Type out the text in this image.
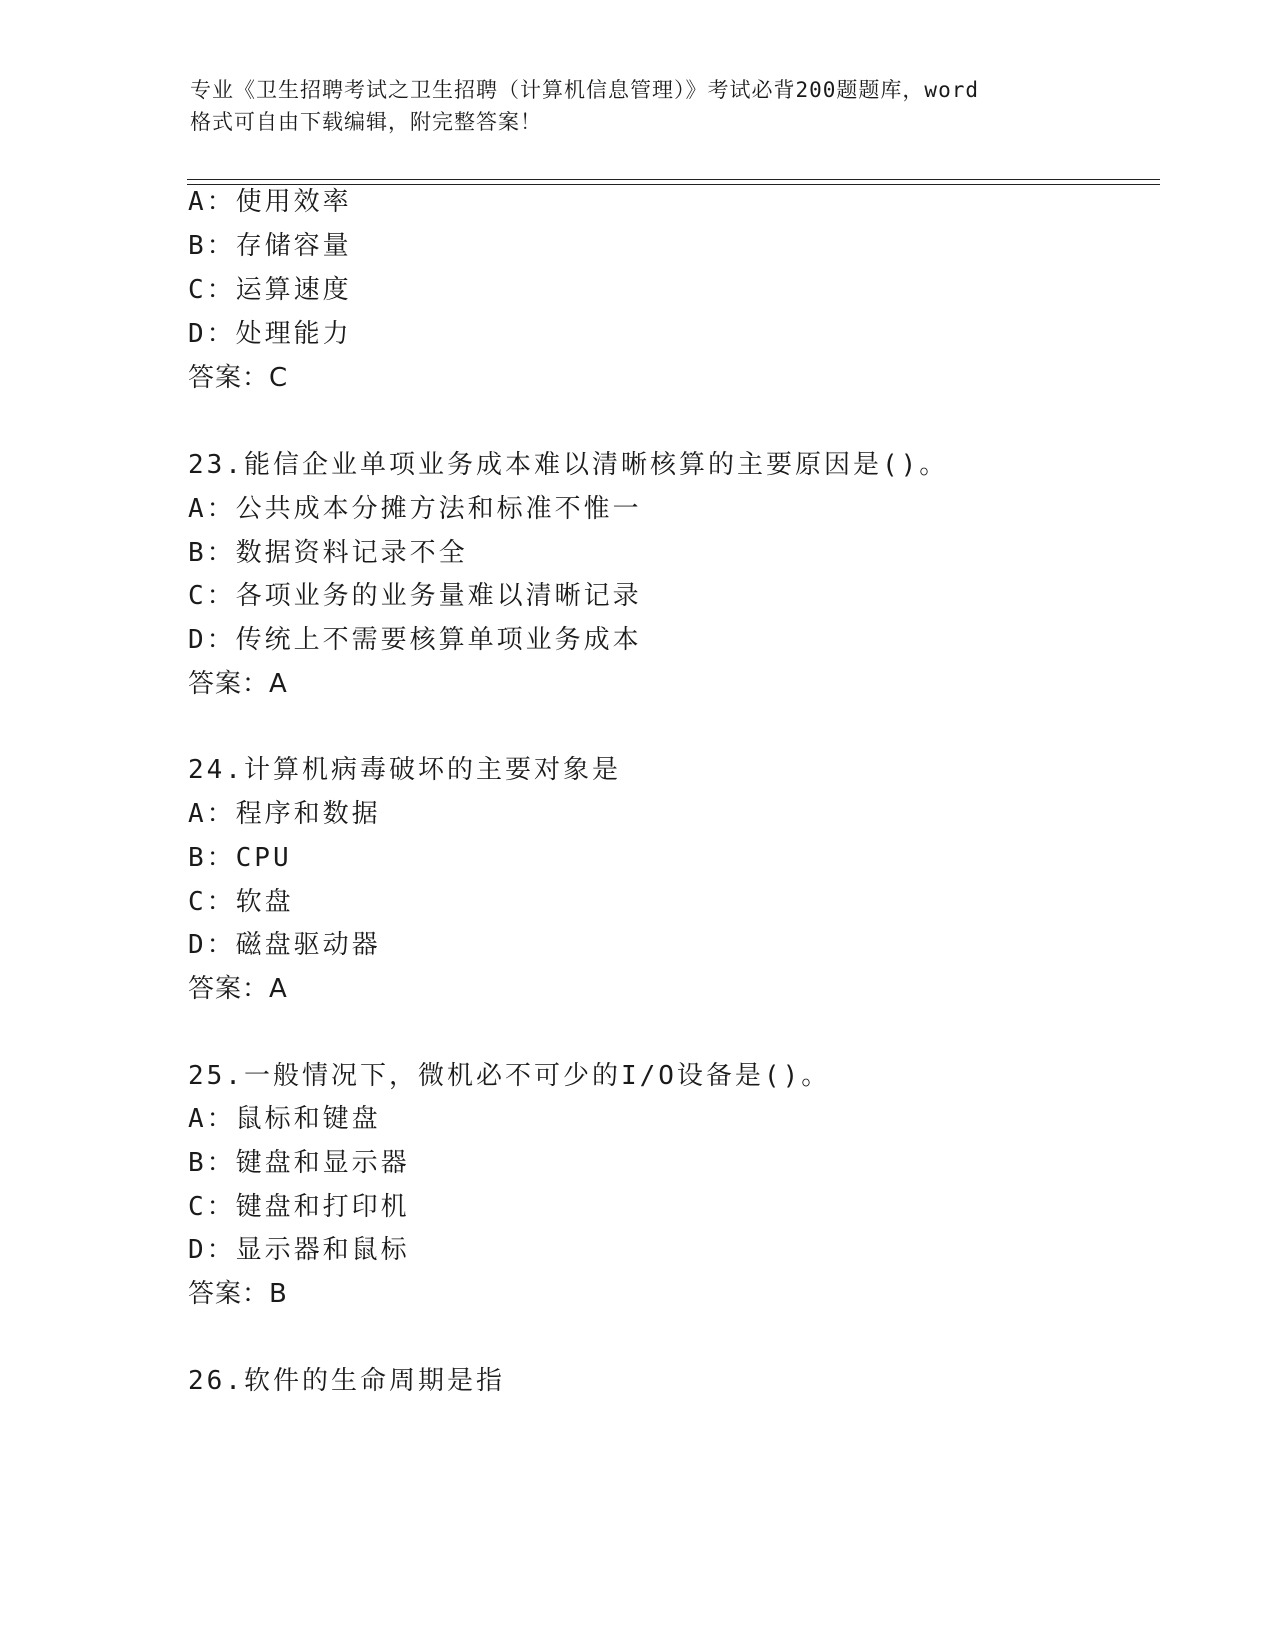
专业《卫生招聘考试之卫生招聘（计算机信息管理）》考试必背200题题库，word
格式可自由下载编辑，附完整答案！
A：使用效率
B：存储容量
C：运算速度
D：处理能力
答案：C
23.能信企业单项业务成本难以清晰核算的主要原因是()。
A：公共成本分摊方法和标准不惟一
B：数据资料记录不全
C：各项业务的业务量难以清晰记录
D：传统上不需要核算单项业务成本
答案：A
24.计算机病毒破坏的主要对象是
A：程序和数据
B：CPU
C：软盘
D：磁盘驱动器
答案：A
25.一般情况下，微机必不可少的I/O设备是()。
A：鼠标和键盘
B：键盘和显示器
C：键盘和打印机
D：显示器和鼠标
答案：B
26.软件的生命周期是指
